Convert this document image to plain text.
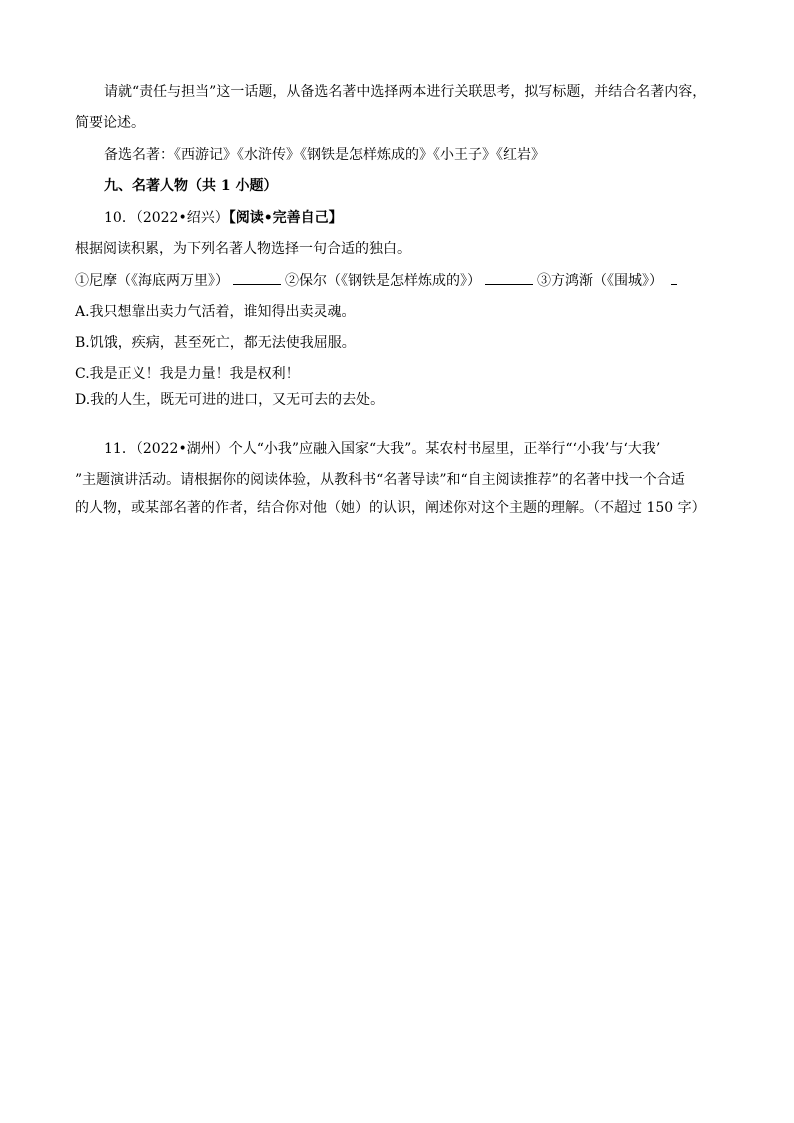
请就“责任与担当”这一话题，从备选名著中选择两本进行关联思考，拟写标题，并结合名著内容，
简要论述。
备选名著：《西游记》《水浒传》《钢铁是怎样炼成的》《小王子》《红岩》
九、名著人物（共 1 小题）
10．（2022•绍兴）【阅读•完善自己】
根据阅读积累，为下列名著人物选择一句合适的独白。
①尼摩（《海底两万里》）	②保尔（《钢铁是怎样炼成的》）	③方鸿渐（《围城》）
A.我只想靠出卖力气活着，谁知得出卖灵魂。
B.饥饿，疾病，甚至死亡，都无法使我屈服。
C.我是正义！我是力量！我是权利！
D.我的人生，既无可进的进口，又无可去的去处。
11．（2022•湖州）个人“小我”应融入国家“大我”。某农村书屋里，正举行“‘小我’与‘大我’
”主题演讲活动。请根据你的阅读体验，从教科书“名著导读”和“自主阅读推荐”的名著中找一个合适
的人物，或某部名著的作者，结合你对他（她）的认识，阐述你对这个主题的理解。（不超过 150 字）
